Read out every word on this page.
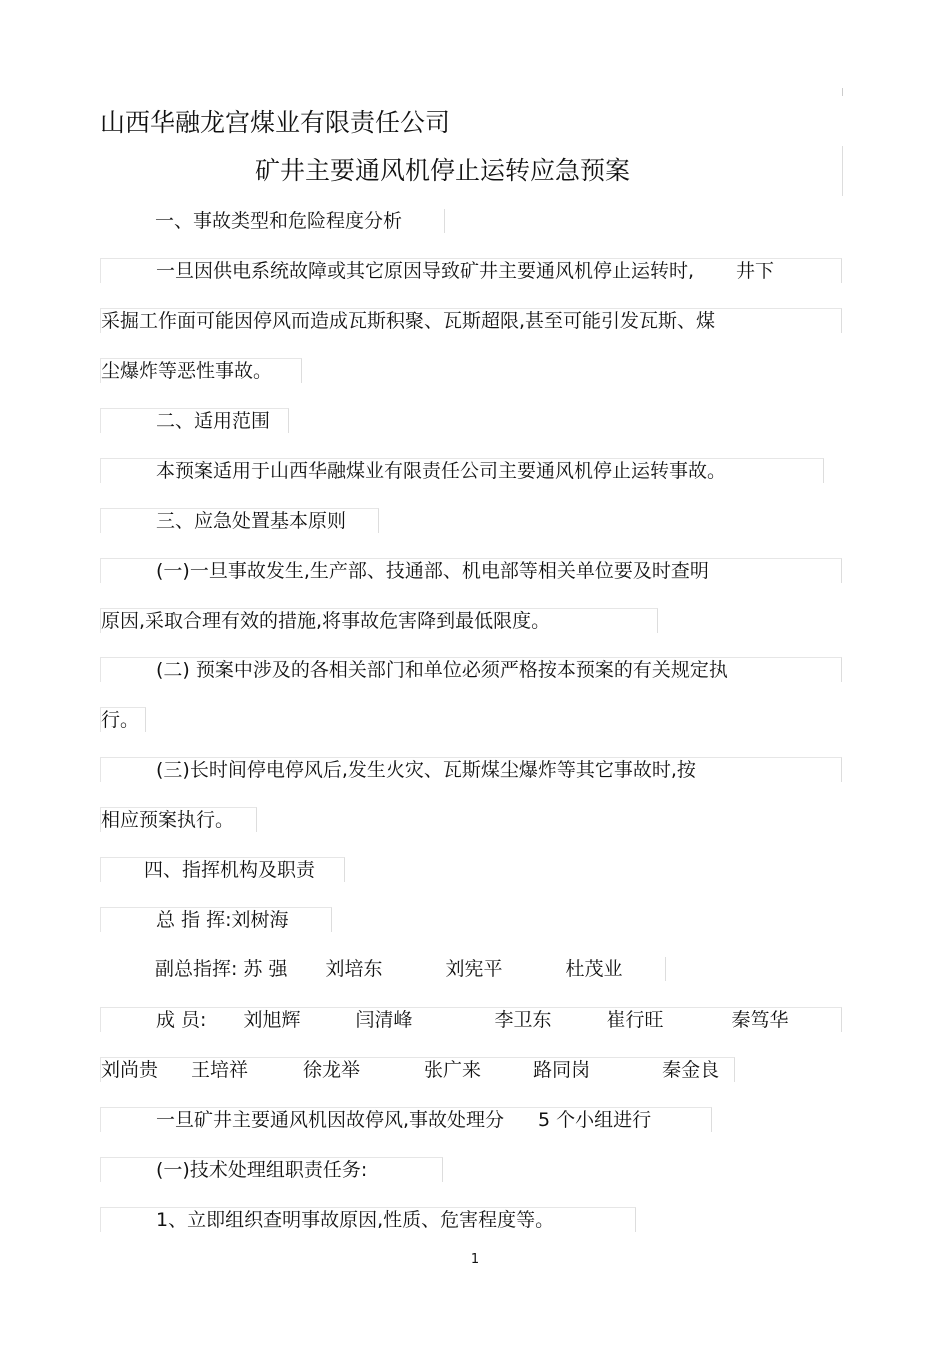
山西华融龙宫煤业有限责任公司
矿井主要通风机停止运转应急预案
一、事故类型和危险程度分析
一旦因供电系统故障或其它原因导致矿井主要通风机停止运转时, 井下
采掘工作面可能因停风而造成瓦斯积聚、瓦斯超限,甚至可能引发瓦斯、煤
尘爆炸等恶性事故。
二、适用范围
本预案适用于山西华融煤业有限责任公司主要通风机停止运转事故。
三、应急处置基本原则
(一)一旦事故发生,生产部、技通部、机电部等相关单位要及时查明
原因,采取合理有效的措施,将事故危害降到最低限度。
(二) 预案中涉及的各相关部门和单位必须严格按本预案的有关规定执
行。
(三)长时间停电停风后,发生火灾、瓦斯煤尘爆炸等其它事故时,按
相应预案执行。
四、指挥机构及职责
总 指 挥:刘树海
副总指挥: 苏 强 刘培东	刘宪平	杜茂业
成 员: 刘旭辉	闫清峰	李卫东	崔行旺	秦笃华
刘尚贵 王培祥	徐龙举	张广来	路同岗	秦金良
一旦矿井主要通风机因故停风,事故处理分 5 个小组进行
(一)技术处理组职责任务:
1、立即组织查明事故原因,性质、危害程度等。
1
